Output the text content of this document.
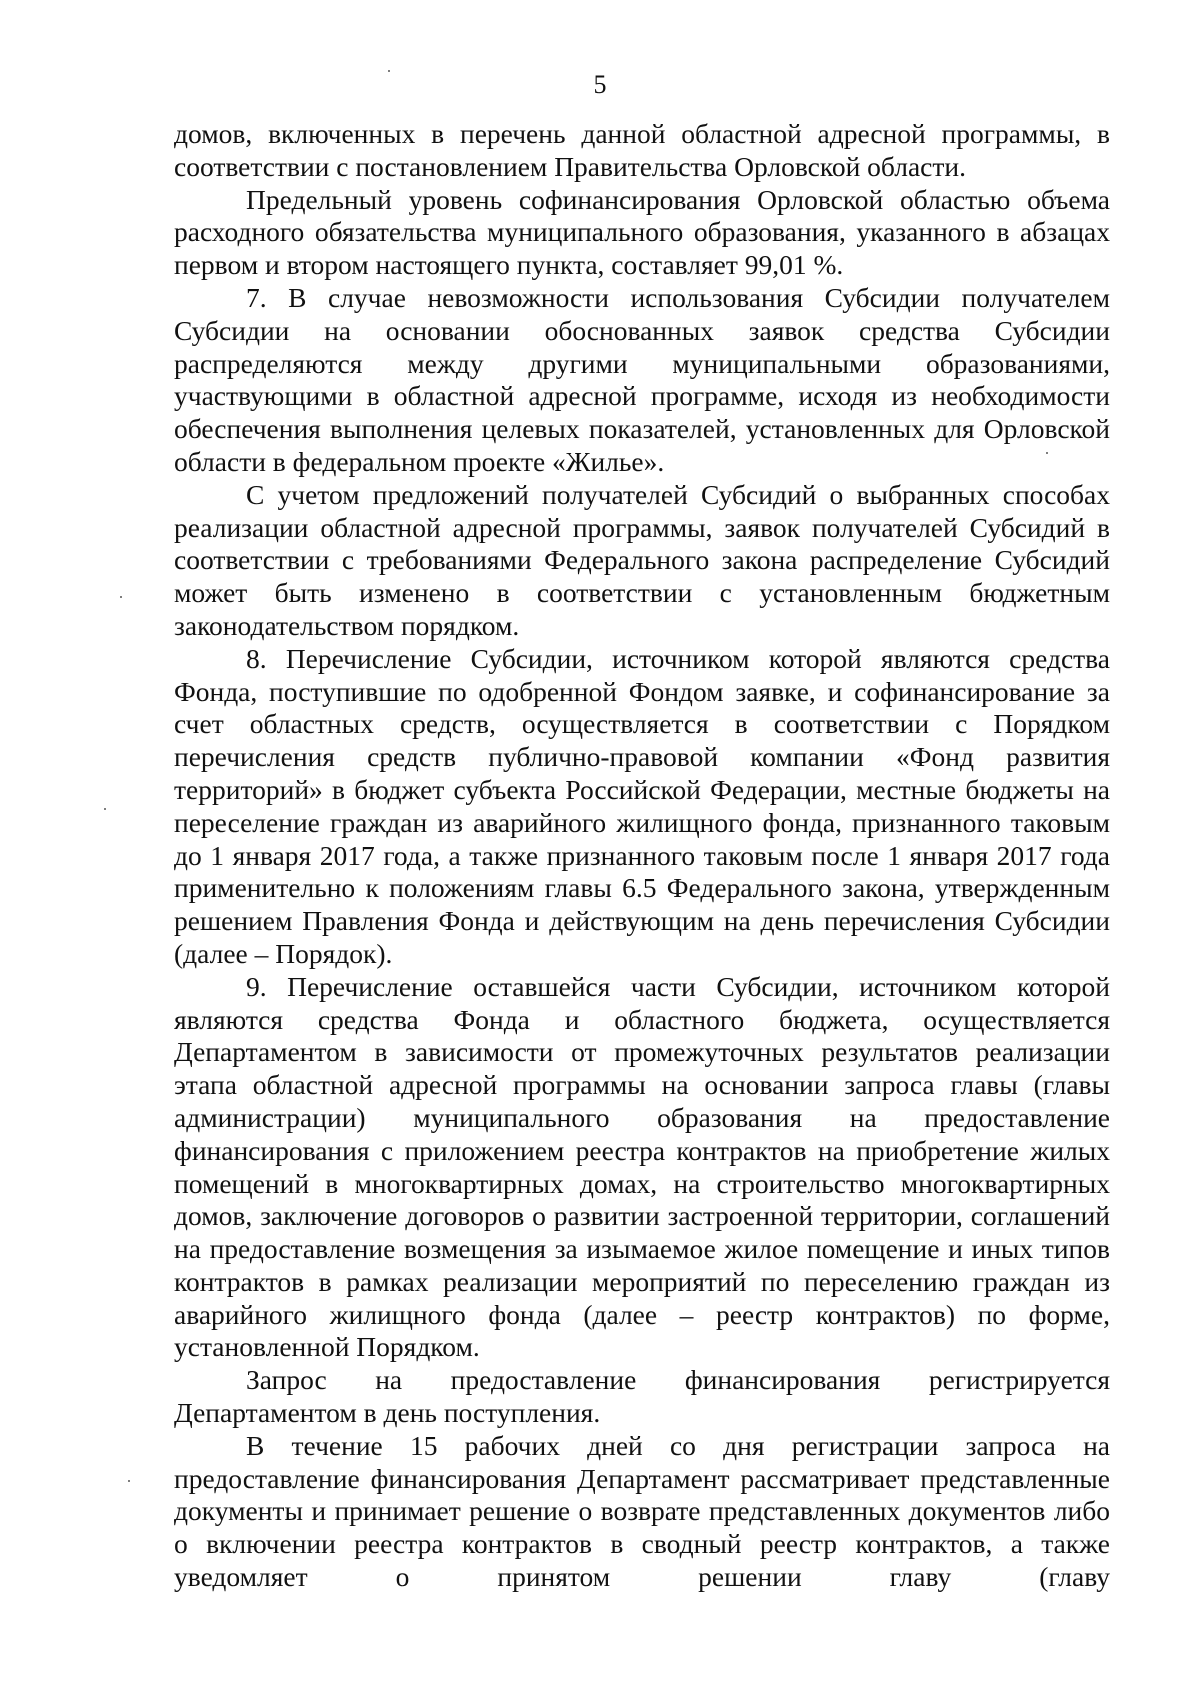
5

домов, включенных в перечень данной областной адресной программы, в соответствии с постановлением Правительства Орловской области.

Предельный уровень софинансирования Орловской областью объема расходного обязательства муниципального образования, указанного в абзацах первом и втором настоящего пункта, составляет 99,01 %.

7. В случае невозможности использования Субсидии получателем Субсидии на основании обоснованных заявок средства Субсидии распределяются между другими муниципальными образованиями, участвующими в областной адресной программе, исходя из необходимости обеспечения выполнения целевых показателей, установленных для Орловской области в федеральном проекте «Жилье».

С учетом предложений получателей Субсидий о выбранных способах реализации областной адресной программы, заявок получателей Субсидий в соответствии с требованиями Федерального закона распределение Субсидий может быть изменено в соответствии с установленным бюджетным законодательством порядком.

8. Перечисление Субсидии, источником которой являются средства Фонда, поступившие по одобренной Фондом заявке, и софинансирование за счет областных средств, осуществляется в соответствии с Порядком перечисления средств публично-правовой компании «Фонд развития территорий» в бюджет субъекта Российской Федерации, местные бюджеты на переселение граждан из аварийного жилищного фонда, признанного таковым до 1 января 2017 года, а также признанного таковым после 1 января 2017 года применительно к положениям главы 6.5 Федерального закона, утвержденным решением Правления Фонда и действующим на день перечисления Субсидии (далее – Порядок).

9. Перечисление оставшейся части Субсидии, источником которой являются средства Фонда и областного бюджета, осуществляется Департаментом в зависимости от промежуточных результатов реализации этапа областной адресной программы на основании запроса главы (главы администрации) муниципального образования на предоставление финансирования с приложением реестра контрактов на приобретение жилых помещений в многоквартирных домах, на строительство многоквартирных домов, заключение договоров о развитии застроенной территории, соглашений на предоставление возмещения за изымаемое жилое помещение и иных типов контрактов в рамках реализации мероприятий по переселению граждан из аварийного жилищного фонда (далее – реестр контрактов) по форме, установленной Порядком.

Запрос на предоставление финансирования регистрируется Департаментом в день поступления.

В течение 15 рабочих дней со дня регистрации запроса на предоставление финансирования Департамент рассматривает представленные документы и принимает решение о возврате представленных документов либо о включении реестра контрактов в сводный реестр контрактов, а также уведомляет о принятом решении главу (главу
